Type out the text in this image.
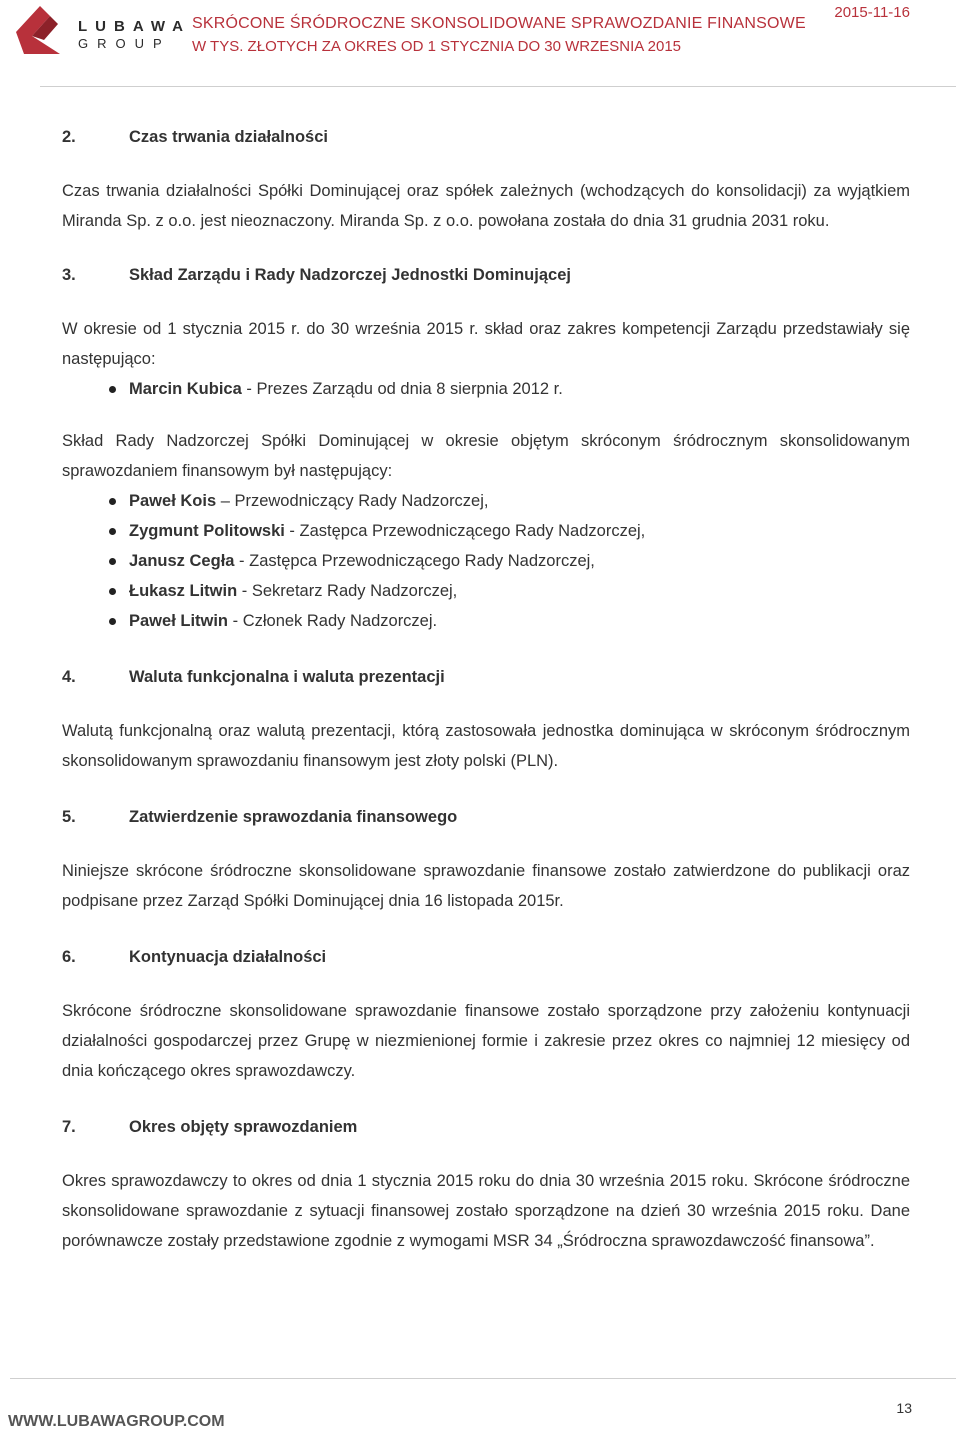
LUBAWA
GROUP
SKRÓCONE ŚRÓDROCZNE SKONSOLIDOWANE SPRAWOZDANIE FINANSOWE
W TYS. ZŁOTYCH ZA OKRES OD 1 STYCZNIA DO 30 WRZESNIA 2015
2015-11-16
2.	Czas trwania działalności

Czas trwania działalności Spółki Dominującej oraz spółek zależnych (wchodzących do konsolidacji) za wyjątkiem Miranda Sp. z o.o. jest nieoznaczony. Miranda Sp. z o.o. powołana została do dnia 31 grudnia 2031 roku.

3.	Skład Zarządu i Rady Nadzorczej Jednostki Dominującej

W okresie od 1 stycznia 2015 r. do 30 września 2015 r. skład oraz zakres kompetencji Zarządu przedstawiały się następująco:

Marcin Kubica - Prezes Zarządu od dnia 8 sierpnia 2012 r.

Skład Rady Nadzorczej Spółki Dominującej w okresie objętym skróconym śródrocznym skonsolidowanym sprawozdaniem finansowym był następujący:

Paweł Kois – Przewodniczący Rady Nadzorczej,
Zygmunt Politowski - Zastępca Przewodniczącego Rady Nadzorczej,
Janusz Cegła - Zastępca Przewodniczącego Rady Nadzorczej,
Łukasz Litwin - Sekretarz Rady Nadzorczej,
Paweł Litwin - Członek Rady Nadzorczej.
4.	Waluta funkcjonalna i waluta prezentacji

Walutą funkcjonalną oraz walutą prezentacji, którą zastosowała jednostka dominująca w skróconym śródrocznym skonsolidowanym sprawozdaniu finansowym jest złoty polski (PLN).

5.	Zatwierdzenie sprawozdania finansowego

Niniejsze skrócone śródroczne skonsolidowane sprawozdanie finansowe zostało zatwierdzone do publikacji oraz podpisane przez Zarząd Spółki Dominującej dnia 16 listopada 2015r.

6.	Kontynuacja działalności

Skrócone śródroczne skonsolidowane sprawozdanie finansowe zostało sporządzone przy założeniu kontynuacji działalności gospodarczej przez Grupę w niezmienionej formie i zakresie przez okres co najmniej 12 miesięcy od dnia kończącego okres sprawozdawczy.

7.	Okres objęty sprawozdaniem

Okres sprawozdawczy to okres od dnia 1 stycznia 2015 roku do dnia 30 września 2015 roku. Skrócone śródroczne skonsolidowane sprawozdanie z sytuacji finansowej zostało sporządzone na dzień 30 września 2015 roku. Dane porównawcze zostały przedstawione zgodnie z wymogami MSR 34 „Śródroczna sprawozdawczość finansowa”.

WWW.LUBAWAGROUP.COM
13
